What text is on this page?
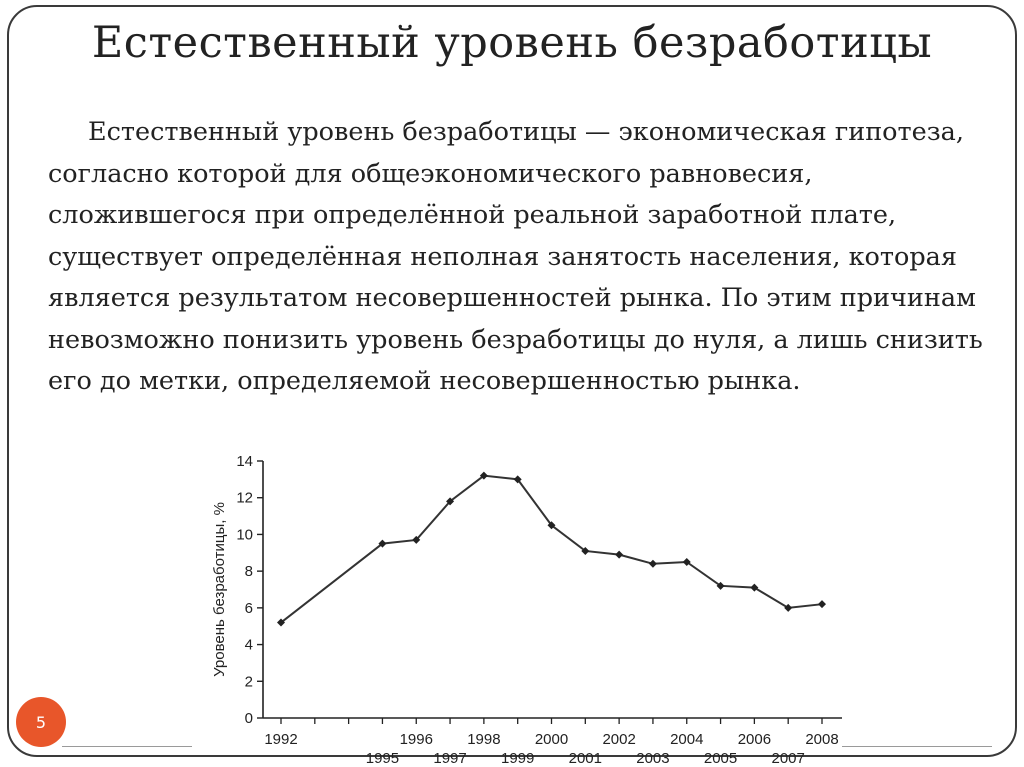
Естественный уровень безработицы
Естественный уровень безработицы — экономическая гипотеза, согласно которой для общеэкономического равновесия, сложившегося при определённой реальной заработной плате, существует определённая неполная занятость населения, которая является результатом несовершенностей рынка. По этим причинам невозможно понизить уровень безработицы до нуля, а лишь снизить его до метки, определяемой несовершенностью рынка.
0
2
4
6
8
10
12
14
1992	1996 1998 2000 2002 2004 2006 2008
1995 1997 1999 2001 2003 2005 2007
Уровень безработицы, %
5
